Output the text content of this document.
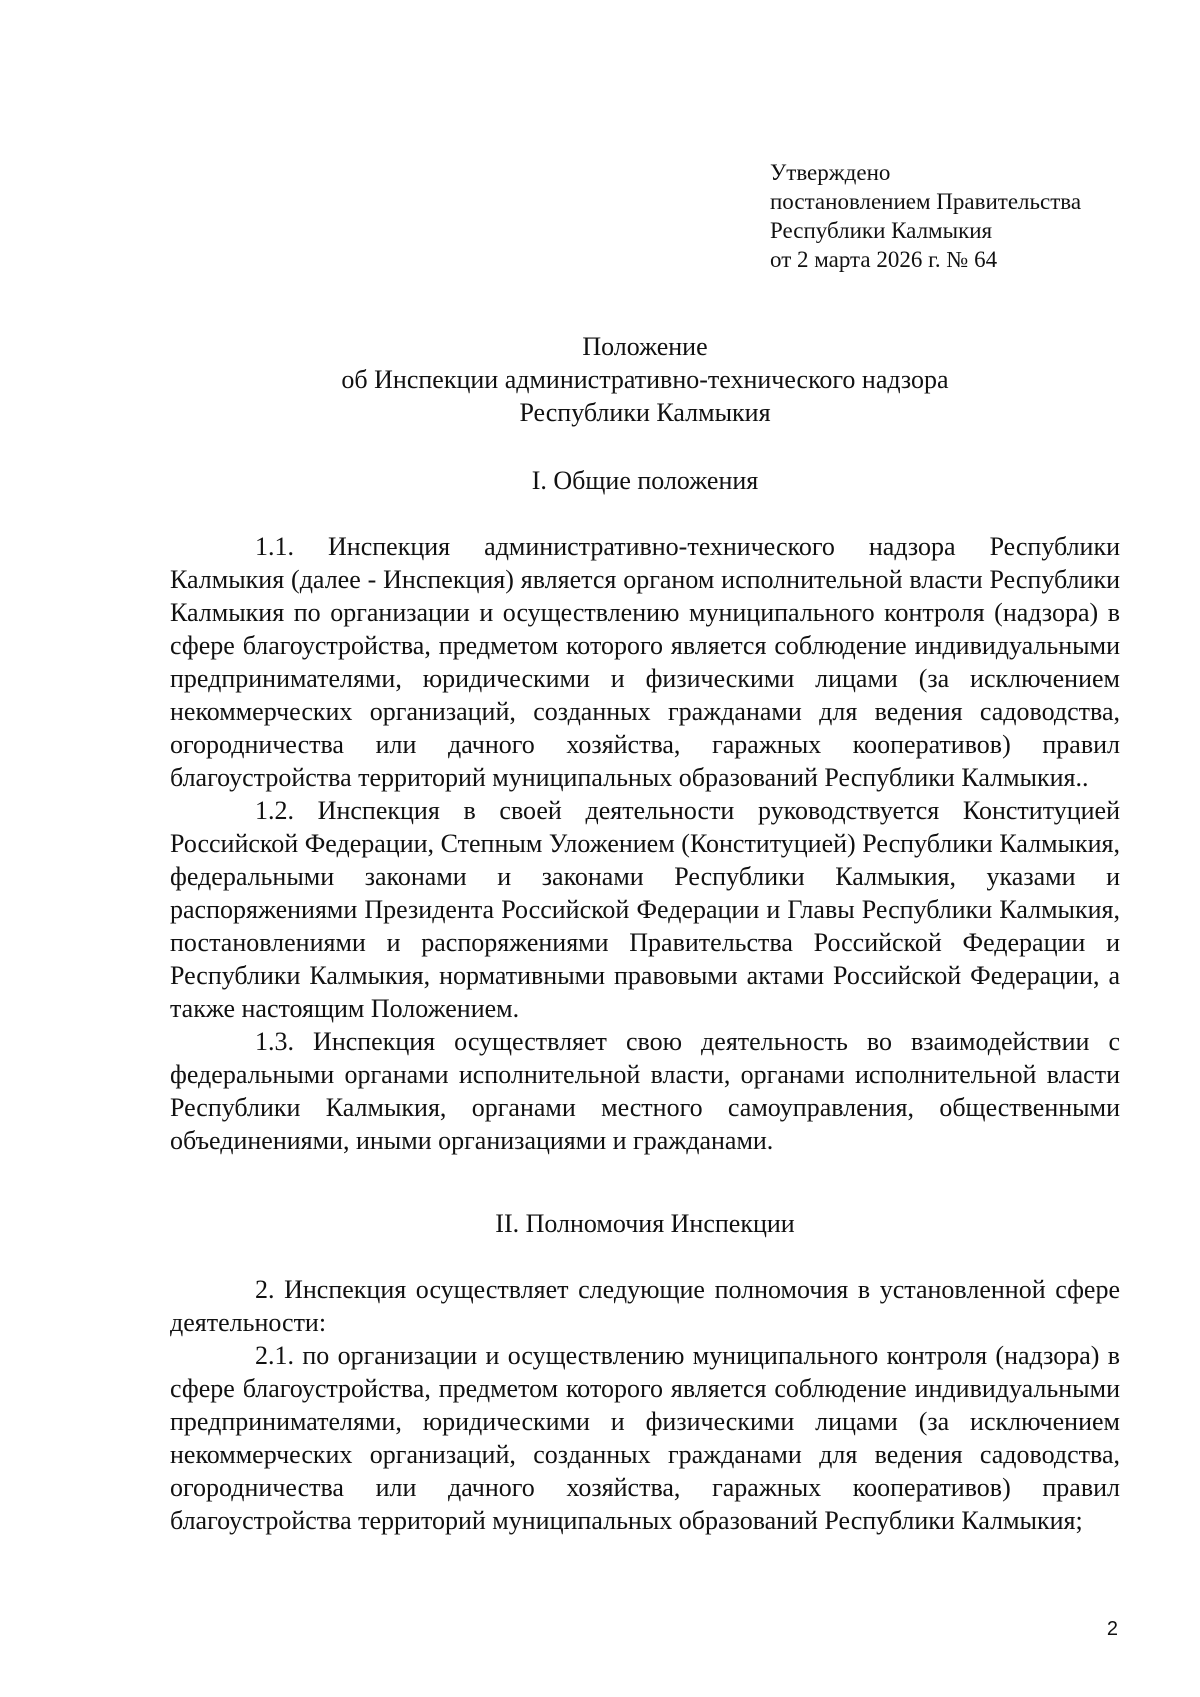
Утверждено
постановлением Правительства
Республики Калмыкия
от 2 марта 2026 г. № 64
Положение
об Инспекции административно-технического надзора
Республики Калмыкия
I. Общие положения

1.1. Инспекция административно-технического надзора Республики Калмыкия (далее - Инспекция) является органом исполнительной власти Республики Калмыкия по организации и осуществлению муниципального контроля (надзора) в сфере благоустройства, предметом которого является соблюдение индивидуальными предпринимателями, юридическими и физическими лицами (за исключением некоммерческих организаций, созданных гражданами для ведения садоводства, огородничества или дачного хозяйства, гаражных кооперативов) правил благоустройства территорий муниципальных образований Республики Калмыкия..

1.2. Инспекция в своей деятельности руководствуется Конституцией Российской Федерации, Степным Уложением (Конституцией) Республики Калмыкия, федеральными законами и законами Республики Калмыкия, указами и распоряжениями Президента Российской Федерации и Главы Республики Калмыкия, постановлениями и распоряжениями Правительства Российской Федерации и Республики Калмыкия, нормативными правовыми актами Российской Федерации, а также настоящим Положением.

1.3. Инспекция осуществляет свою деятельность во взаимодействии с федеральными органами исполнительной власти, органами исполнительной власти Республики Калмыкия, органами местного самоуправления, общественными объединениями, иными организациями и гражданами.

II. Полномочия Инспекции

2. Инспекция осуществляет следующие полномочия в установленной сфере деятельности:

2.1. по организации и осуществлению муниципального контроля (надзора) в сфере благоустройства, предметом которого является соблюдение индивидуальными предпринимателями, юридическими и физическими лицами (за исключением некоммерческих организаций, созданных гражданами для ведения садоводства, огородничества или дачного хозяйства, гаражных кооперативов) правил благоустройства территорий муниципальных образований Республики Калмыкия;

2
